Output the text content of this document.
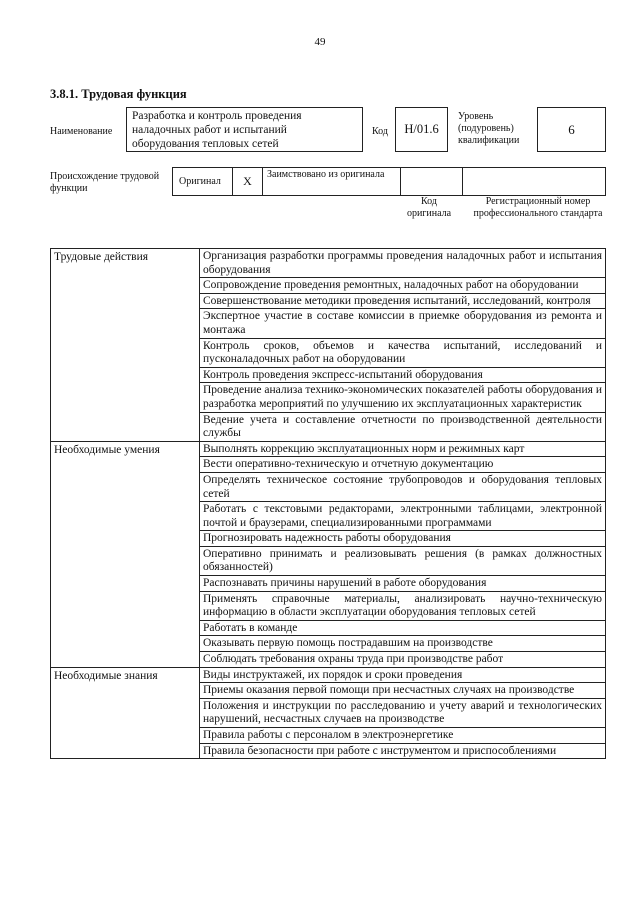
49
3.8.1. Трудовая функция
Наименование
Разработка и контроль проведения наладочных работ и испытаний оборудования тепловых сетей
Код	H/01.6
Уровень (подуровень) квалификации
6
Происхождение трудовой функции
Оригинал	X	Заимствовано из оригинала
Код оригинала
Регистрационный номер профессионального стандарта
Трудовые действия	Организация разработки программы проведения наладочных работ и испытания оборудования
	Сопровождение проведения ремонтных, наладочных работ на оборудовании
	Совершенствование методики проведения испытаний, исследований, контроля
	Экспертное участие в составе комиссии в приемке оборудования из ремонта и монтажа
	Контроль сроков, объемов и качества испытаний, исследований и пусконаладочных работ на оборудовании
	Контроль проведения экспресс-испытаний оборудования
	Проведение анализа технико-экономических показателей работы оборудования и разработка мероприятий по улучшению их эксплуатационных характеристик
	Ведение учета и составление отчетности по производственной деятельности службы
Необходимые умения	Выполнять коррекцию эксплуатационных норм и режимных карт
	Вести оперативно-техническую и отчетную документацию
	Определять техническое состояние трубопроводов и оборудования тепловых сетей
	Работать с текстовыми редакторами, электронными таблицами, электронной почтой и браузерами, специализированными программами
	Прогнозировать надежность работы оборудования
	Оперативно принимать и реализовывать решения (в рамках должностных обязанностей)
	Распознавать причины нарушений в работе оборудования
	Применять справочные материалы, анализировать научно-техническую информацию в области эксплуатации оборудования тепловых сетей
	Работать в команде
	Оказывать первую помощь пострадавшим на производстве
	Соблюдать требования охраны труда при производстве работ
Необходимые знания	Виды инструктажей, их порядок и сроки проведения
	Приемы оказания первой помощи при несчастных случаях на производстве
	Положения и инструкции по расследованию и учету аварий и технологических нарушений, несчастных случаев на производстве
	Правила работы с персоналом в электроэнергетике
	Правила безопасности при работе с инструментом и приспособлениями
